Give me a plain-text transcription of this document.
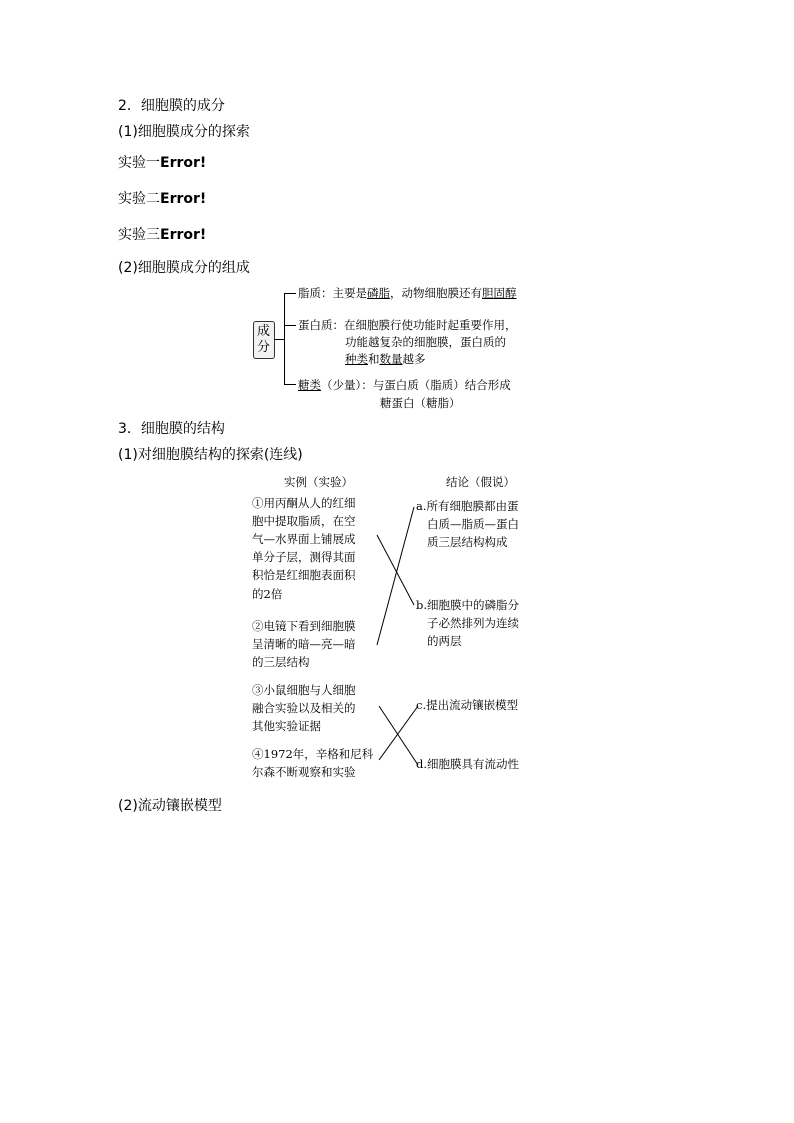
2．细胞膜的成分
(1)细胞膜成分的探索
实验一Error!
实验二Error!
实验三Error!
(2)细胞膜成分的组成
成
分
脂质：主要是磷脂，动物细胞膜还有胆固醇
蛋白质：在细胞膜行使功能时起重要作用，
功能越复杂的细胞膜，蛋白质的
种类和数量越多
糖类（少量）：与蛋白质（脂质）结合形成
糖蛋白（糖脂）
3．细胞膜的结构
(1)对细胞膜结构的探索(连线)
实例（实验）	结论（假说）
①用丙酮从人的红细
胞中提取脂质，在空
气—水界面上铺展成
单分子层，测得其面
积恰是红细胞表面积
的2倍
②电镜下看到细胞膜
呈清晰的暗—亮—暗
的三层结构
③小鼠细胞与人细胞
融合实验以及相关的
其他实验证据
④1972年，辛格和尼科
尔森不断观察和实验
a.所有细胞膜都由蛋
白质—脂质—蛋白
质三层结构构成
b.细胞膜中的磷脂分
子必然排列为连续
的两层
c.提出流动镶嵌模型
d.细胞膜具有流动性
(2)流动镶嵌模型
